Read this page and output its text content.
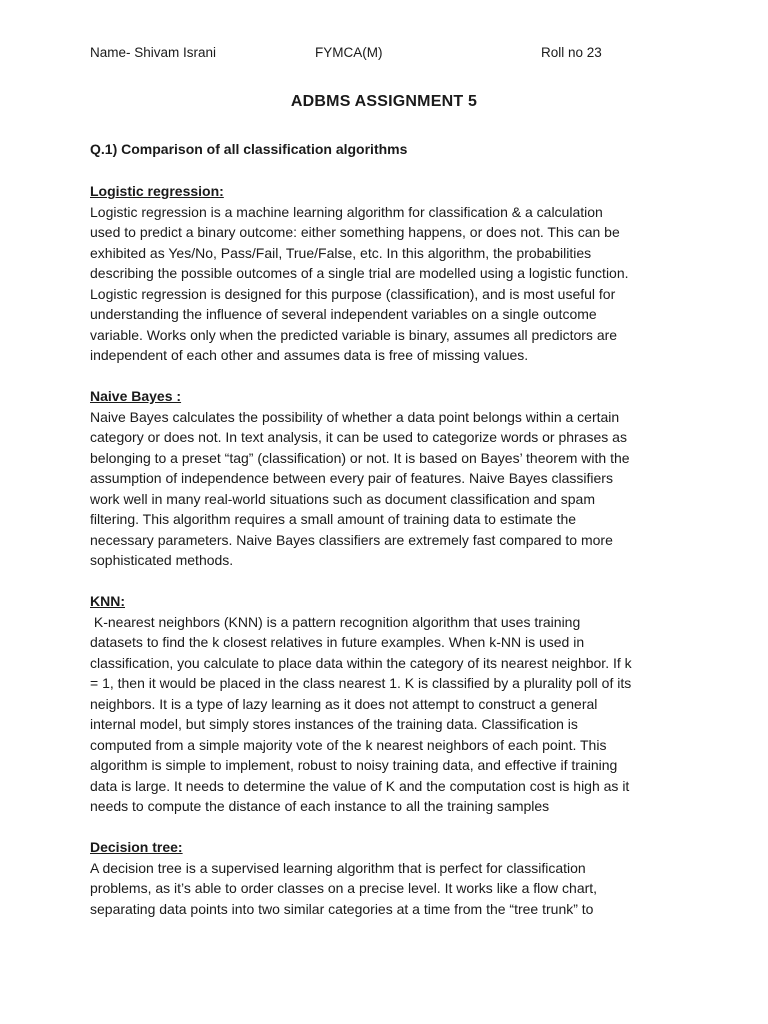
Name- Shivam Israni	FYMCA(M)	Roll no 23
ADBMS ASSIGNMENT 5
Q.1) Comparison of all classification algorithms
Logistic regression:
Logistic regression is a machine learning algorithm for classification & a calculation
used to predict a binary outcome: either something happens, or does not. This can be
exhibited as Yes/No, Pass/Fail, True/False, etc. In this algorithm, the probabilities
describing the possible outcomes of a single trial are modelled using a logistic function.
Logistic regression is designed for this purpose (classification), and is most useful for
understanding the influence of several independent variables on a single outcome
variable. Works only when the predicted variable is binary, assumes all predictors are
independent of each other and assumes data is free of missing values.
Naive Bayes :
Naive Bayes calculates the possibility of whether a data point belongs within a certain
category or does not. In text analysis, it can be used to categorize words or phrases as
belonging to a preset “tag” (classification) or not. It is based on Bayes’ theorem with the
assumption of independence between every pair of features. Naive Bayes classifiers
work well in many real-world situations such as document classification and spam
filtering. This algorithm requires a small amount of training data to estimate the
necessary parameters. Naive Bayes classifiers are extremely fast compared to more
sophisticated methods.
KNN:
K-nearest neighbors (KNN) is a pattern recognition algorithm that uses training
datasets to find the k closest relatives in future examples. When k-NN is used in
classification, you calculate to place data within the category of its nearest neighbor. If k
= 1, then it would be placed in the class nearest 1. K is classified by a plurality poll of its
neighbors. It is a type of lazy learning as it does not attempt to construct a general
internal model, but simply stores instances of the training data. Classification is
computed from a simple majority vote of the k nearest neighbors of each point. This
algorithm is simple to implement, robust to noisy training data, and effective if training
data is large. It needs to determine the value of K and the computation cost is high as it
needs to compute the distance of each instance to all the training samples
Decision tree:
A decision tree is a supervised learning algorithm that is perfect for classification
problems, as it’s able to order classes on a precise level. It works like a flow chart,
separating data points into two similar categories at a time from the “tree trunk” to
